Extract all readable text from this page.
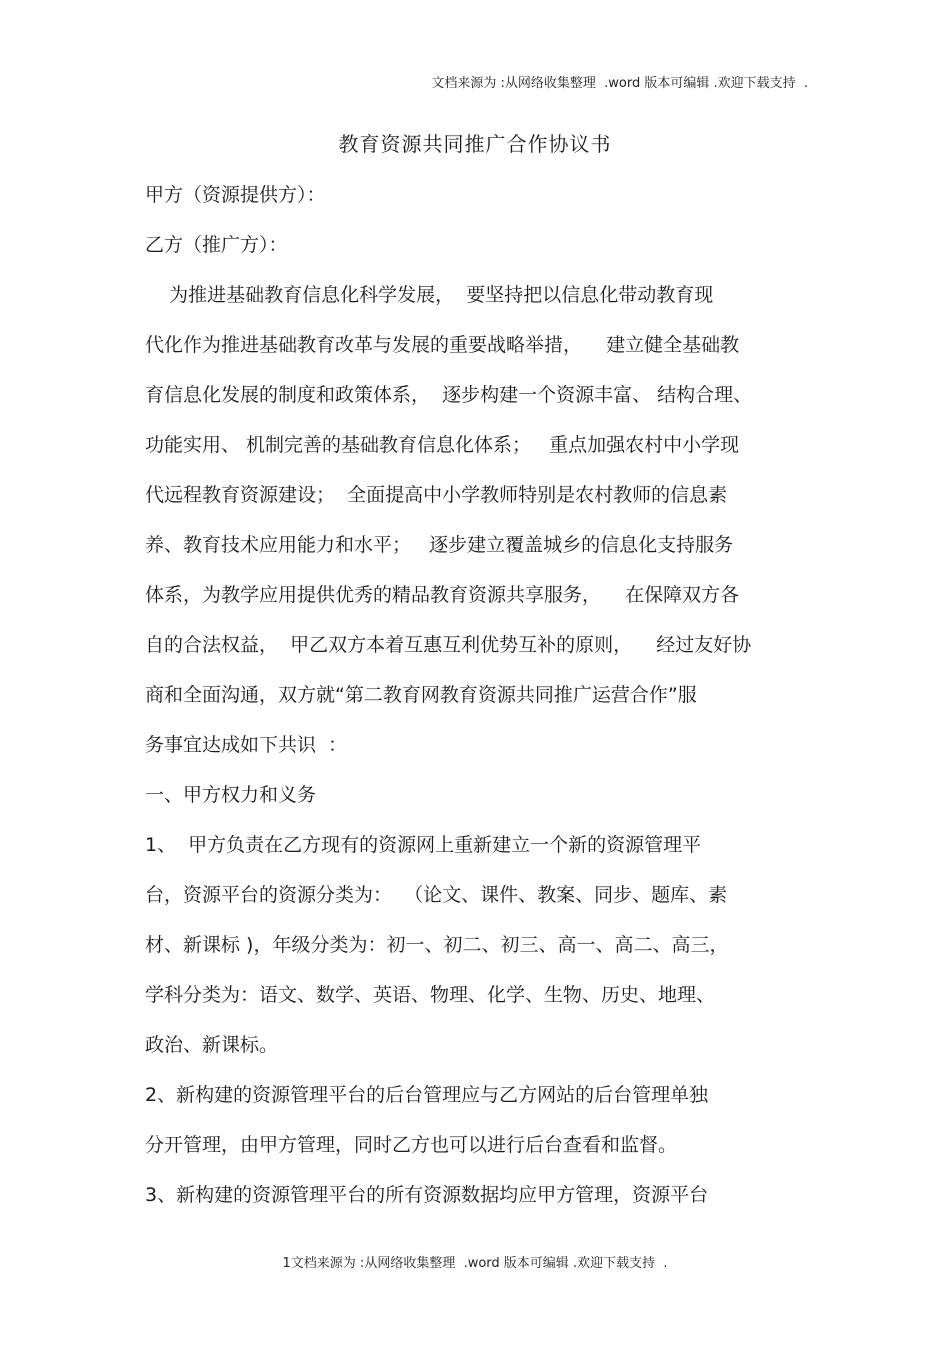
文档来源为 :从网络收集整理  .word 版本可编辑 .欢迎下载支持  .
教育资源共同推广合作协议书
甲方（资源提供方）：
乙方（推广方）：
为推进基础教育信息化科学发展，  要坚持把以信息化带动教育现
代化作为推进基础教育改革与发展的重要战略举措，    建立健全基础教
育信息化发展的制度和政策体系，  逐步构建一个资源丰富、 结构合理、
功能实用、 机制完善的基础教育信息化体系；   重点加强农村中小学现
代远程教育资源建设；  全面提高中小学教师特别是农村教师的信息素
养、教育技术应用能力和水平；   逐步建立覆盖城乡的信息化支持服务
体系，为教学应用提供优秀的精品教育资源共享服务，    在保障双方各
自的合法权益，  甲乙双方本着互惠互利优势互补的原则，    经过友好协
商和全面沟通，双方就“第二教育网教育资源共同推广运营合作”服
务事宜达成如下共识  ：
一、甲方权力和义务
1、  甲方负责在乙方现有的资源网上重新建立一个新的资源管理平
台，资源平台的资源分类为：  （论文、课件、教案、同步、题库、素
材、新课标 )，年级分类为：初一、初二、初三、高一、高二、高三，
学科分类为：语文、数学、英语、物理、化学、生物、历史、地理、
政治、新课标。
2、新构建的资源管理平台的后台管理应与乙方网站的后台管理单独
分开管理，由甲方管理，同时乙方也可以进行后台查看和监督。
3、新构建的资源管理平台的所有资源数据均应甲方管理，资源平台
1文档来源为 :从网络收集整理  .word 版本可编辑 .欢迎下载支持  .
